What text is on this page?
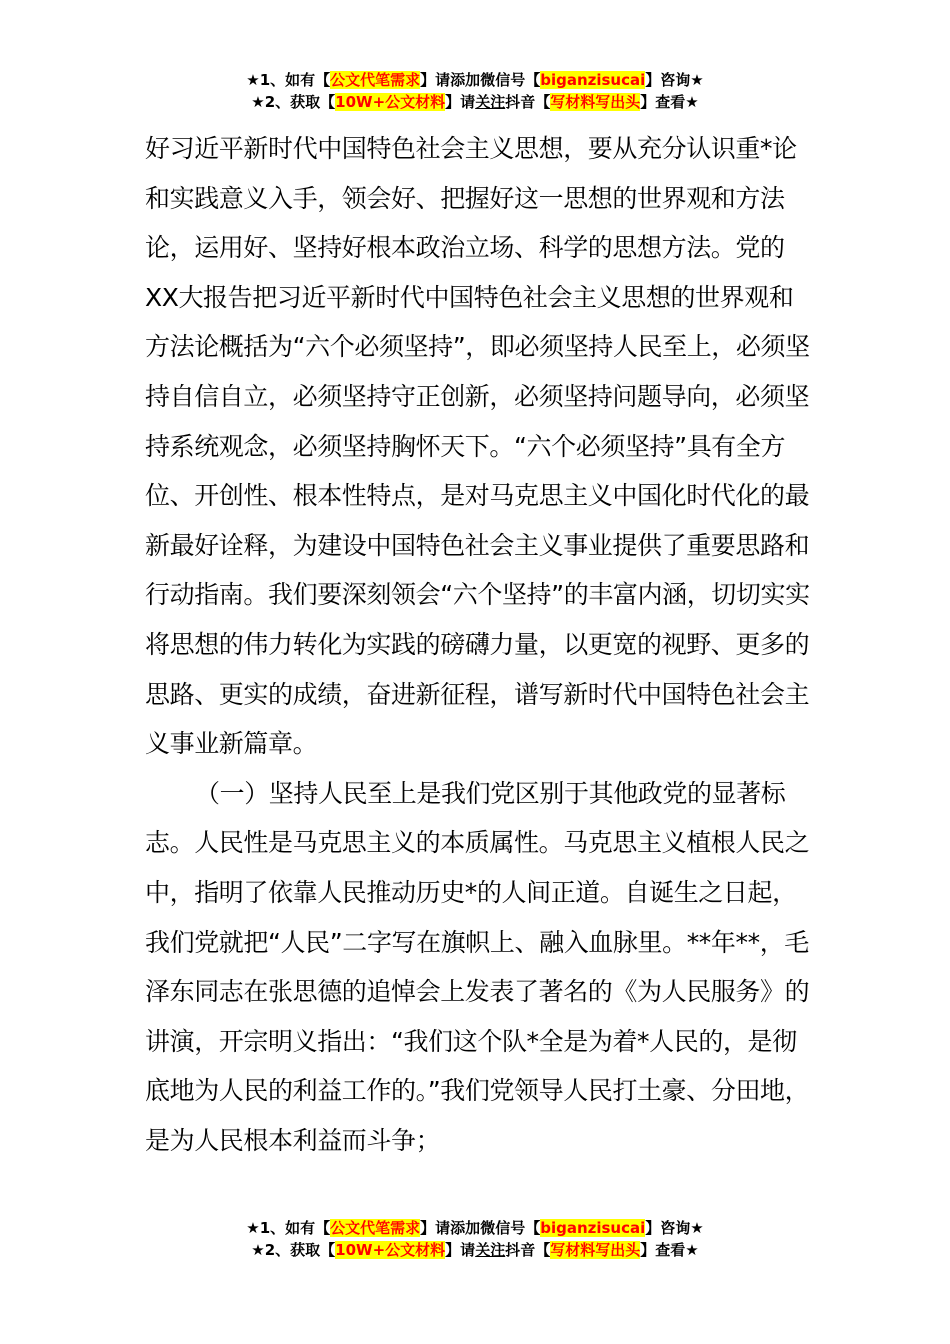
★1、如有【公文代笔需求】请添加微信号【biganzisucai】咨询★
★2、获取【10W+公文材料】请关注抖音【写材料写出头】查看★

好习近平新时代中国特色社会主义思想，要从充分认识重*论和实践意义入手，领会好、把握好这一思想的世界观和方法论，运用好、坚持好根本政治立场、科学的思想方法。党的XX大报告把习近平新时代中国特色社会主义思想的世界观和方法论概括为“六个必须坚持”，即必须坚持人民至上，必须坚持自信自立，必须坚持守正创新，必须坚持问题导向，必须坚持系统观念，必须坚持胸怀天下。“六个必须坚持”具有全方位、开创性、根本性特点，是对马克思主义中国化时代化的最新最好诠释，为建设中国特色社会主义事业提供了重要思路和行动指南。我们要深刻领会“六个坚持”的丰富内涵，切切实实将思想的伟力转化为实践的磅礴力量，以更宽的视野、更多的思路、更实的成绩，奋进新征程，谱写新时代中国特色社会主义事业新篇章。

（一）坚持人民至上是我们党区别于其他政党的显著标志。人民性是马克思主义的本质属性。马克思主义植根人民之中，指明了依靠人民推动历史*的人间正道。自诞生之日起，我们党就把“人民”二字写在旗帜上、融入血脉里。**年**，毛泽东同志在张思德的追悼会上发表了著名的《为人民服务》的讲演，开宗明义指出：“我们这个队*全是为着*人民的，是彻底地为人民的利益工作的。”我们党领导人民打土豪、分田地，是为人民根本利益而斗争；

★1、如有【公文代笔需求】请添加微信号【biganzisucai】咨询★
★2、获取【10W+公文材料】请关注抖音【写材料写出头】查看★
